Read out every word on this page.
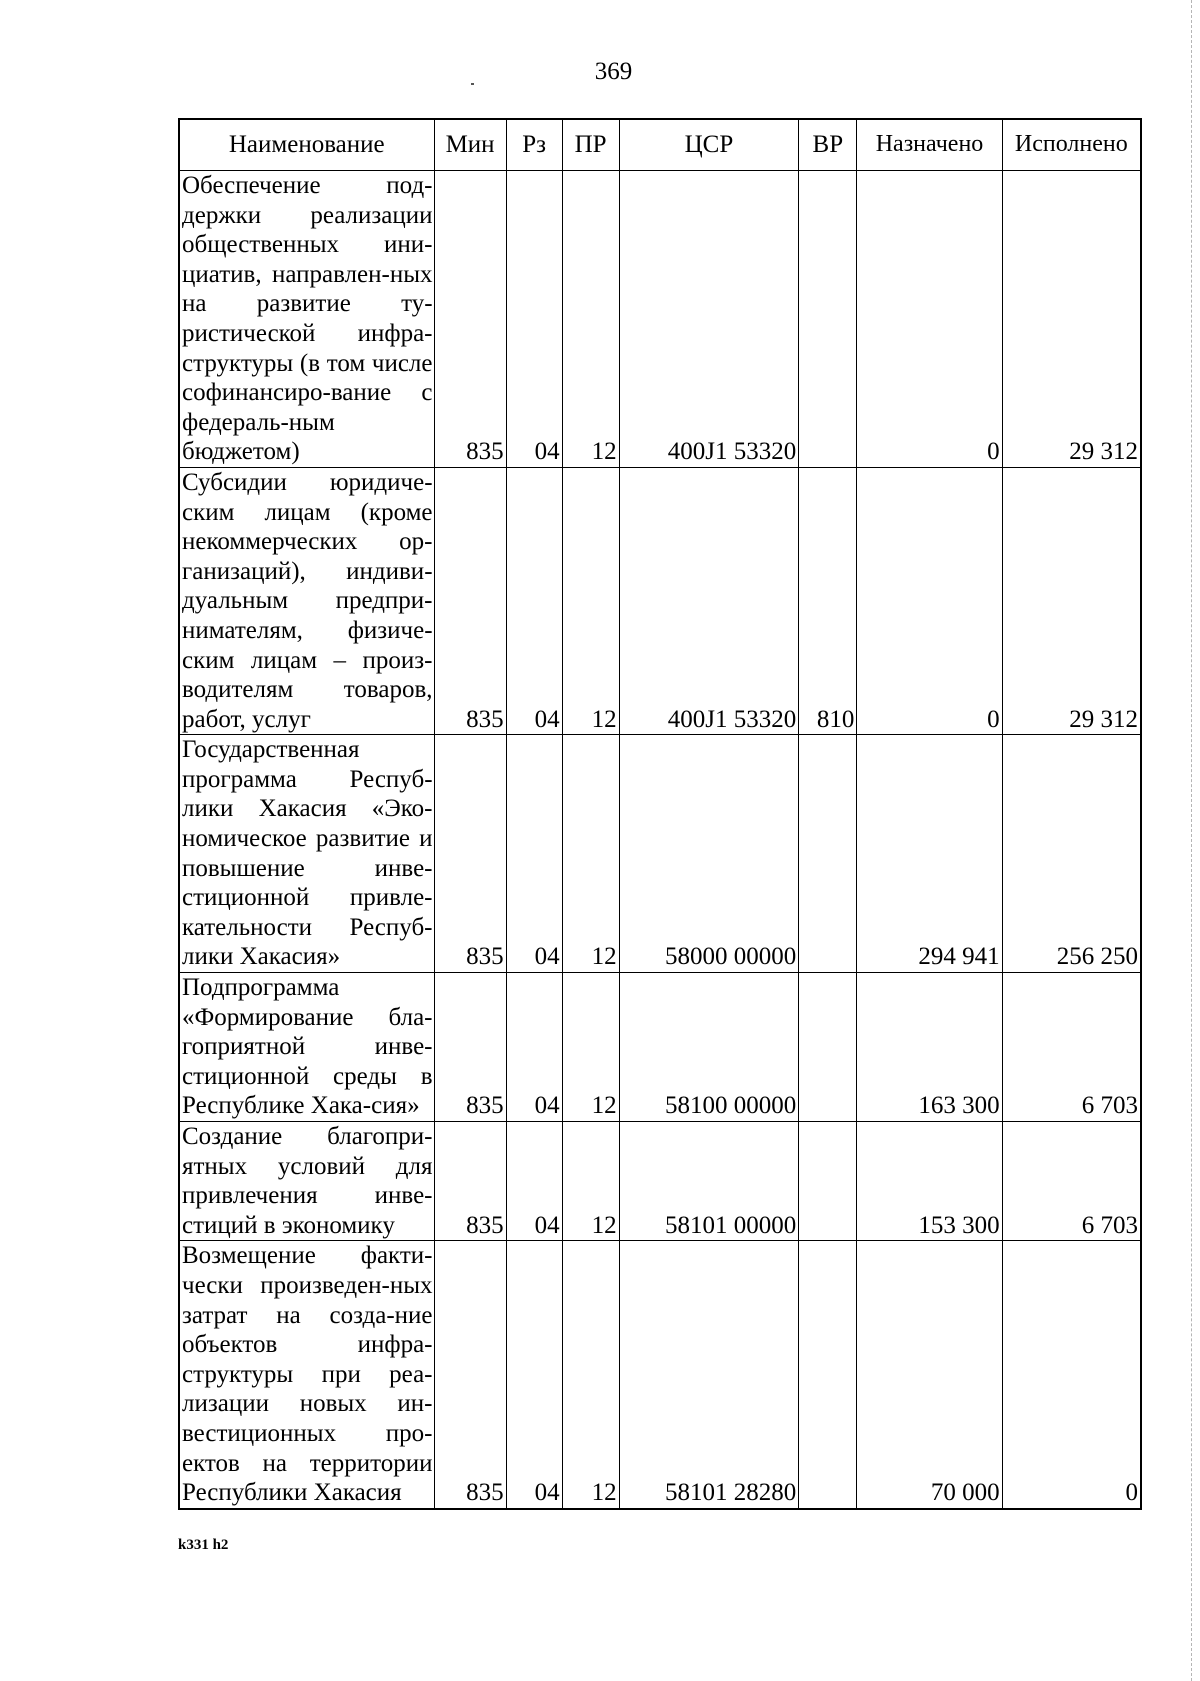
369
Наименование	Мин	Рз	ПР	ЦСР	ВР	Назначено	Исполнено
Обеспечение под-держки реализации общественных ини-циатив, направлен-ных на развитие ту-ристической инфра-структуры (в том числе софинансиро-вание с федераль-ным бюджетом)	835	04	12	400J1 53320		0	29 312
Субсидии юридиче-ским лицам (кроме некоммерческих ор-ганизаций), индиви-дуальным предпри-нимателям, физиче-ским лицам – произ-водителям товаров, работ, услуг	835	04	12	400J1 53320	810	0	29 312
Государственная программа Респуб-лики Хакасия «Эко-номическое развитие и повышение инве-стиционной привле-кательности Респуб-лики Хакасия»	835	04	12	58000 00000		294 941	256 250
Подпрограмма «Формирование бла-гоприятной инве-стиционной среды в Республике Хака-сия»	835	04	12	58100 00000		163 300	6 703
Создание благопри-ятных условий для привлечения инве-стиций в экономику	835	04	12	58101 00000		153 300	6 703
Возмещение факти-чески произведен-ных затрат на созда-ние объектов инфра-структуры при реа-лизации новых ин-вестиционных про-ектов на территории Республики Хакасия	835	04	12	58101 28280		70 000	0
k331 h2
